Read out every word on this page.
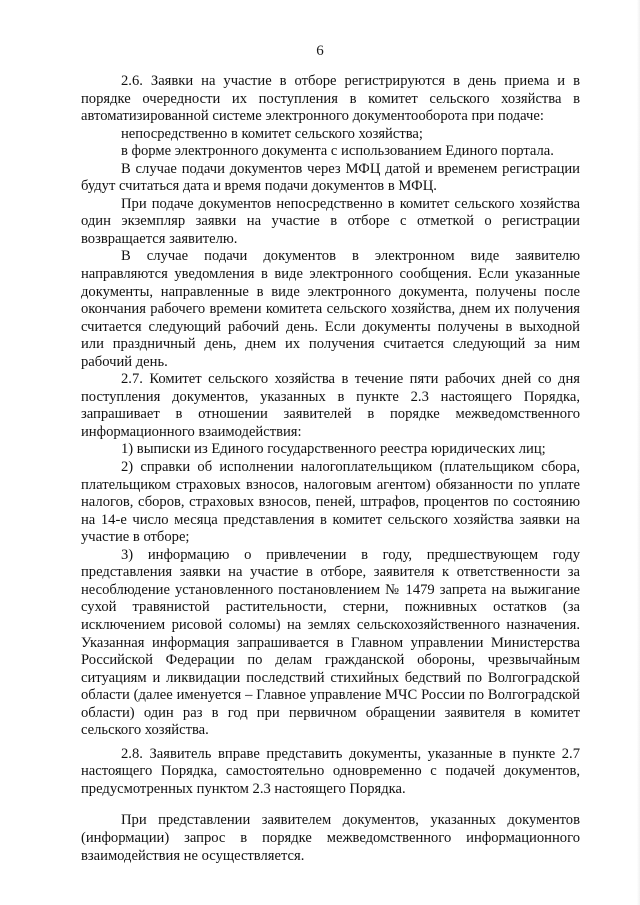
6

2.6. Заявки на участие в отборе регистрируются в день приема и в порядке очередности их поступления в комитет сельского хозяйства в автоматизированной системе электронного документооборота при подаче:

непосредственно в комитет сельского хозяйства;

в форме электронного документа с использованием Единого портала.

В случае подачи документов через МФЦ датой и временем регистрации будут считаться дата и время подачи документов в МФЦ.

При подаче документов непосредственно в комитет сельского хозяйства один экземпляр заявки на участие в отборе с отметкой о регистрации возвращается заявителю.

В случае подачи документов в электронном виде заявителю направляются уведомления в виде электронного сообщения. Если указанные документы, направленные в виде электронного документа, получены после окончания рабочего времени комитета сельского хозяйства, днем их получения считается следующий рабочий день. Если документы получены в выходной или праздничный день, днем их получения считается следующий за ним рабочий день.

2.7. Комитет сельского хозяйства в течение пяти рабочих дней со дня поступления документов, указанных в пункте 2.3 настоящего Порядка, запрашивает в отношении заявителей в порядке межведомственного информационного взаимодействия:

1) выписки из Единого государственного реестра юридических лиц;

2) справки об исполнении налогоплательщиком (плательщиком сбора, плательщиком страховых взносов, налоговым агентом) обязанности по уплате налогов, сборов, страховых взносов, пеней, штрафов, процентов по состоянию на 14-е число месяца представления в комитет сельского хозяйства заявки на участие в отборе;

3) информацию о привлечении в году, предшествующем году представления заявки на участие в отборе, заявителя к ответственности за несоблюдение установленного постановлением № 1479 запрета на выжигание сухой травянистой растительности, стерни, пожнивных остатков (за исключением рисовой соломы) на землях сельскохозяйственного назначения. Указанная информация запрашивается в Главном управлении Министерства Российской Федерации по делам гражданской обороны, чрезвычайным ситуациям и ликвидации последствий стихийных бедствий по Волгоградской области (далее именуется – Главное управление МЧС России по Волгоградской области) один раз в год при первичном обращении заявителя в комитет сельского хозяйства.

2.8. Заявитель вправе представить документы, указанные в пункте 2.7 настоящего Порядка, самостоятельно одновременно с подачей документов, предусмотренных пунктом 2.3 настоящего Порядка.

При представлении заявителем документов, указанных документов (информации) запрос в порядке межведомственного информационного взаимодействия не осуществляется.
